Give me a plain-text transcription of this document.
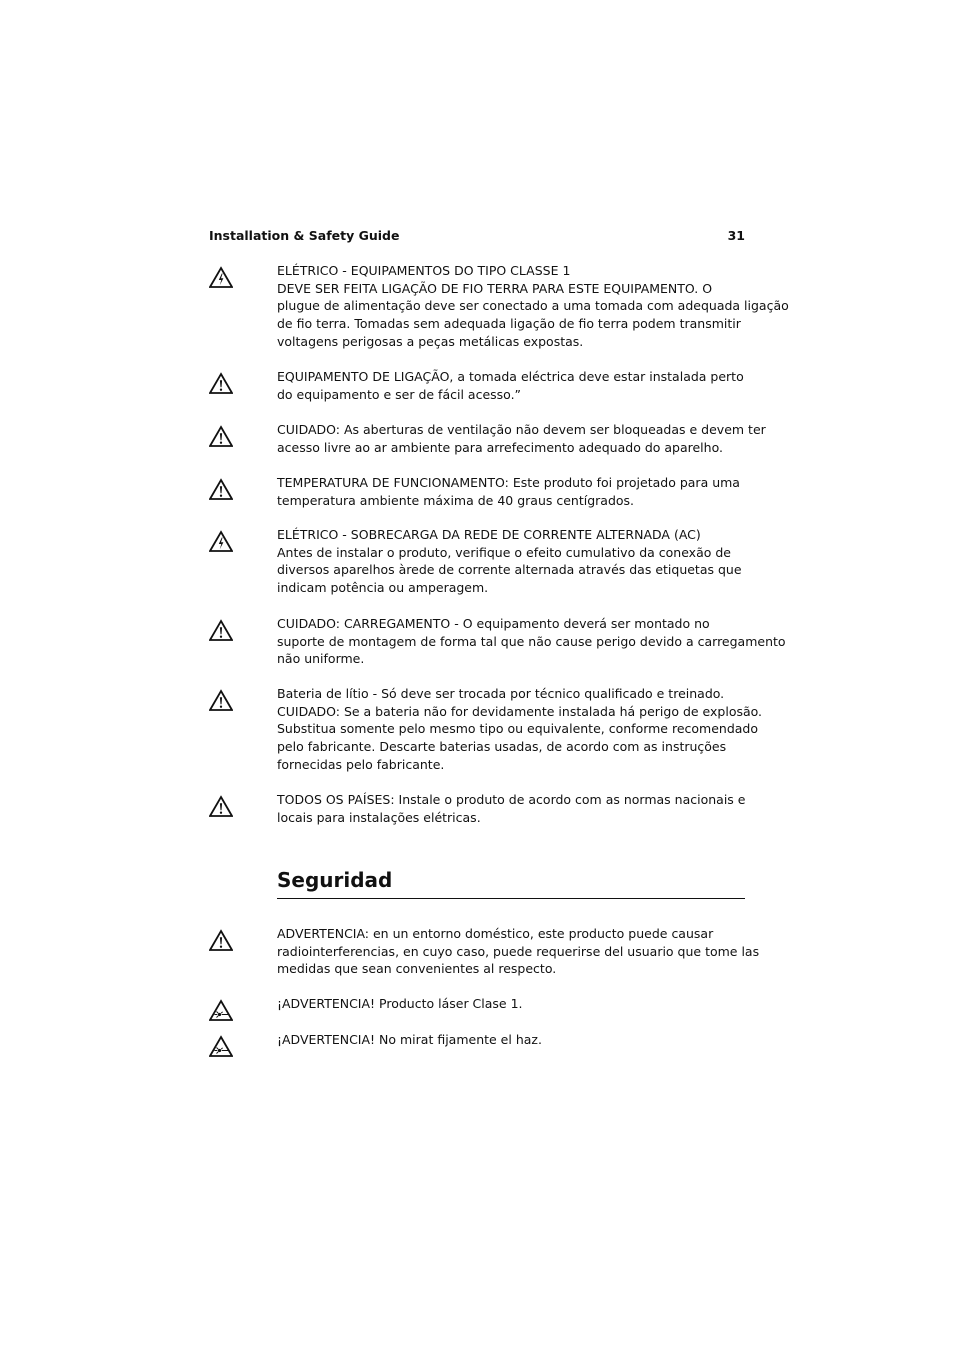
Installation & Safety Guide	31
ELÉTRICO - EQUIPAMENTOS DO TIPO CLASSE 1
DEVE SER FEITA LIGAÇÃO DE FIO TERRA PARA ESTE EQUIPAMENTO. O
plugue de alimentação deve ser conectado a uma tomada com adequada ligação
de fio terra. Tomadas sem adequada ligação de fio terra podem transmitir
voltagens perigosas a peças metálicas expostas.
EQUIPAMENTO DE LIGAÇÃO, a tomada eléctrica deve estar instalada perto
do equipamento e ser de fácil acesso.”
CUIDADO: As aberturas de ventilação não devem ser bloqueadas e devem ter
acesso livre ao ar ambiente para arrefecimento adequado do aparelho.
TEMPERATURA DE FUNCIONAMENTO: Este produto foi projetado para uma
temperatura ambiente máxima de 40 graus centígrados.
ELÉTRICO - SOBRECARGA DA REDE DE CORRENTE ALTERNADA (AC)
Antes de instalar o produto, verifique o efeito cumulativo da conexão de
diversos aparelhos àrede de corrente alternada através das etiquetas que
indicam potência ou amperagem.
CUIDADO: CARREGAMENTO - O equipamento deverá ser montado no
suporte de montagem de forma tal que não cause perigo devido a carregamento
não uniforme.
Bateria de lítio - Só deve ser trocada por técnico qualificado e treinado.
CUIDADO: Se a bateria não for devidamente instalada há perigo de explosão.
Substitua somente pelo mesmo tipo ou equivalente, conforme recomendado
pelo fabricante. Descarte baterias usadas, de acordo com as instruções
fornecidas pelo fabricante.
TODOS OS PAÍSES: Instale o produto de acordo com as normas nacionais e
locais para instalações elétricas.
Seguridad
ADVERTENCIA: en un entorno doméstico, este producto puede causar
radiointerferencias, en cuyo caso, puede requerirse del usuario que tome las
medidas que sean convenientes al respecto.
¡ADVERTENCIA! Producto láser Clase 1.
¡ADVERTENCIA! No mirat fijamente el haz.
